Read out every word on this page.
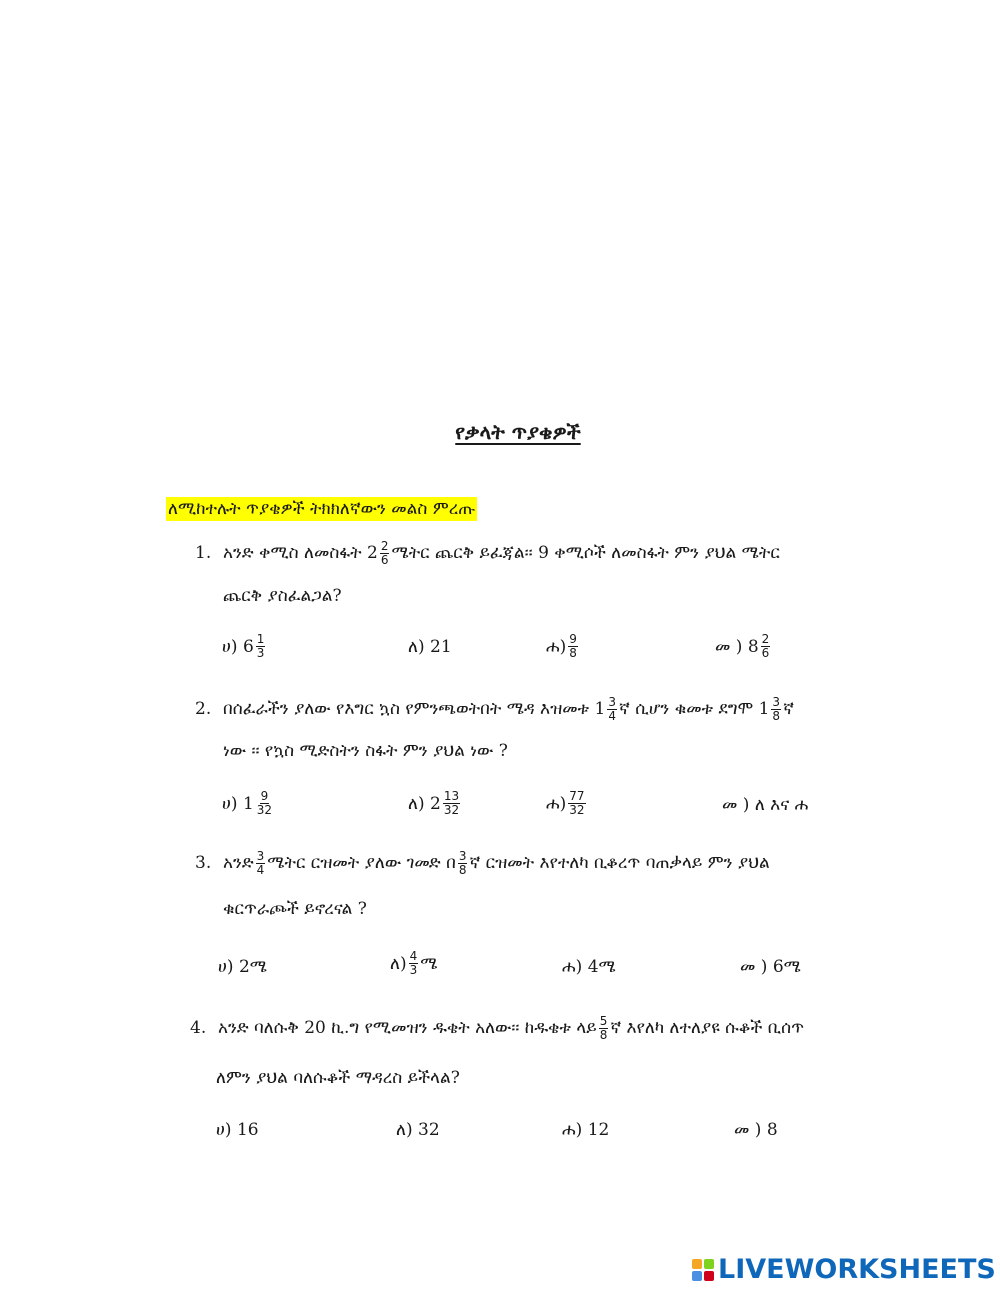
የቃላት ጥያቄዎች
ለሚከተሉት ጥያቄዎች ትክክለኛውን መልስ ምረጡ
1. አንድ ቀሚስ ለመስፋት $2 \frac{2}{6}$ ሜትር ጨርቅ ይፈጃል፡፡ 9 ቀሚሶች ለመስፋት ምን ያህል ሜትር
ጨርቅ ያስፈልጋል?
ሀ)
$6 \frac{1}{3}$	ለ)
21	ሐ) $\frac{9}{8}$	መ )
$8 \frac{2}{6}$
2. በሰፈራችን ያለው የእግር ኳስ የምንጫወትበት ሜዳ እዝመቱ $1 \frac{3}{4}$ ኛ ሲሆን ቁመቱ ደግሞ $1 \frac{3}{8}$ ኛ
ነው ፡፡ የኳስ ሚድስትን ስፋት ምን ያህል ነው ?
ሀ)
$1 \frac{9}{32}$	ለ)
$2 \frac{13}{32}$	ሐ) $\frac{77}{32}$	መ )
ለ እና ሐ
3. አንድ $\frac{3}{4}$ ሜትር ርዝመት ያለው ገመድ በ $\frac{3}{8}$ ኛ ርዝመት እየተለካ ቢቆረጥ ባጠቃላይ ምን ያህል
ቁርጥራጮች ይኖረናል ?
ሀ)
2ሜ	ለ) $\frac{4}{3}$ ሜ	ሐ)
4ሜ	መ )
6ሜ
4. አንድ ባለሱቅ 20 ኪ.ግ የሚመዝን ዱቄት አለው፡፡ ከዱቄቱ ላይ $\frac{5}{8}$ ኛ እየለካ ለተለያዩ ሱቆች ቢሰጥ
ለምን ያህል ባለሱቆች ማዳረስ ይችላል?
ሀ)
16	ለ)
32	ሐ)
12	መ )
8
LIVEWORKSHEETS
